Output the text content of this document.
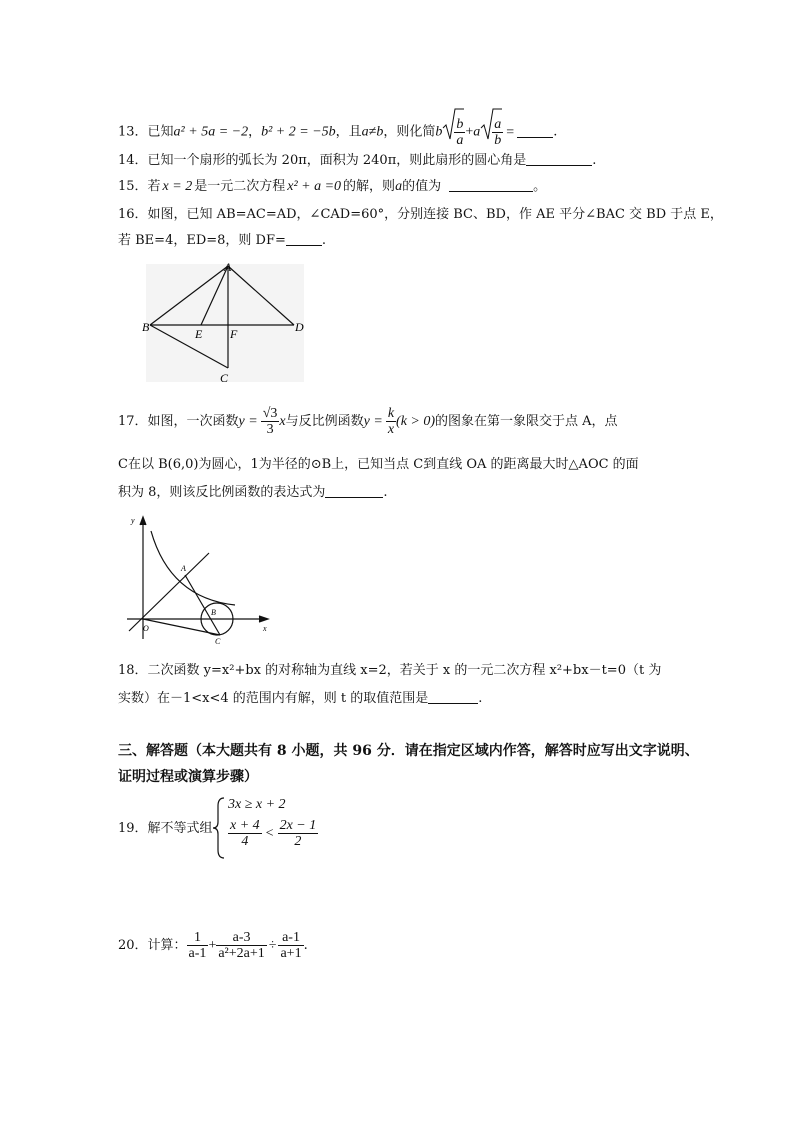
13．已知a² + 5a = −2，b² + 2 = −5b，且a≠b，则化简b $\frac{b}{a} +a \frac{a}{b}$ =	.
14．已知一个扇形的弧长为 20π，面积为 240π，则此扇形的圆心角是	.
15．若 x = 2 是一元二次方程 x² + a =0 的解，则a的值为	。
16．如图，已知 AB=AC=AD，∠CAD=60°，分别连接 BC、BD，作 AE 平分∠BAC 交 BD 于点 E，
若 BE=4，ED=8，则 DF=	.
A
B	D
E F
C
17．如图，一次函数$y = \frac{√3}{3}$ x与反比例函数$y = \frac{k}{x} (k > 0)$的图象在第一象限交于点 A，点
C在以 B(6,0)为圆心，1为半径的⊙B上，已知当点 C到直线 OA 的距离最大时△AOC 的面
积为 8，则该反比例函数的表达式为	.
y
x
O
A
B
C
18．二次函数 y=x²+bx 的对称轴为直线 x=2，若关于 x 的一元二次方程 x²+bx－t=0（t 为
实数）在－1<x<4 的范围内有解，则 t 的取值范围是	.
三、解答题（本大题共有 8 小题，共 96 分．请在指定区域内作答，解答时应写出文字说明、
证明过程或演算步骤）
19．解不等式组
3x ≥ x + 2
$\frac{x + 4}{4} < \frac{2x - 1}{2}$
20．计算： $\frac{1}{a-1} + \frac{a-3}{\text{a²+2a+1}} \div \frac{a-1}{a+1}$ .
